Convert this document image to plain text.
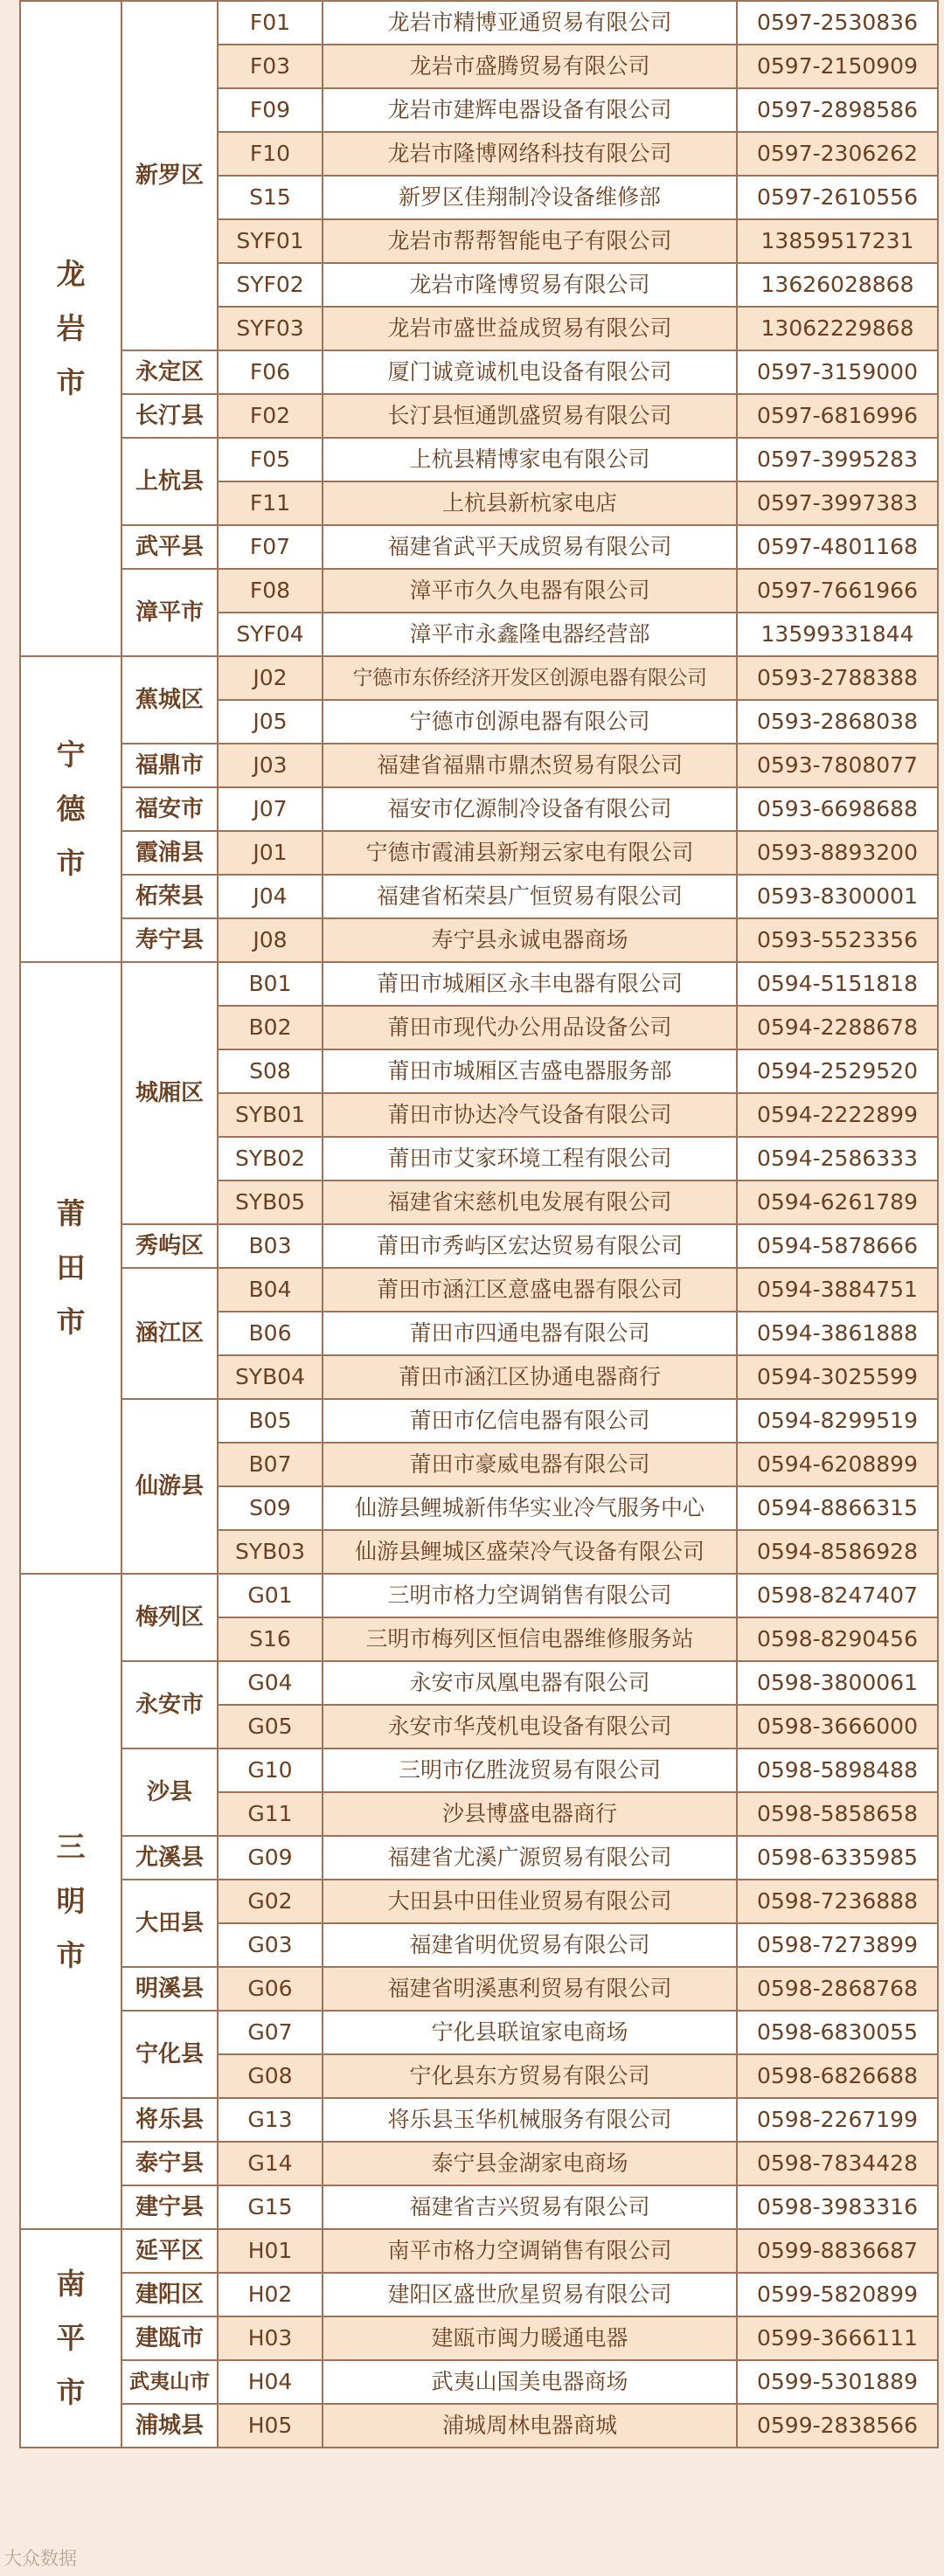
龙岩市	新罗区	F01	龙岩市精博亚通贸易有限公司	0597-2530836
		F03	龙岩市盛腾贸易有限公司	0597-2150909
		F09	龙岩市建辉电器设备有限公司	0597-2898586
		F10	龙岩市隆博网络科技有限公司	0597-2306262
		S15	新罗区佳翔制冷设备维修部	0597-2610556
		SYF01	龙岩市帮帮智能电子有限公司	13859517231
		SYF02	龙岩市隆博贸易有限公司	13626028868
		SYF03	龙岩市盛世益成贸易有限公司	13062229868
	永定区	F06	厦门诚竟诚机电设备有限公司	0597-3159000
	长汀县	F02	长汀县恒通凯盛贸易有限公司	0597-6816996
	上杭县	F05	上杭县精博家电有限公司	0597-3995283
		F11	上杭县新杭家电店	0597-3997383
	武平县	F07	福建省武平天成贸易有限公司	0597-4801168
	漳平市	F08	漳平市久久电器有限公司	0597-7661966
		SYF04	漳平市永鑫隆电器经营部	13599331844
宁德市	蕉城区	J02	宁德市东侨经济开发区创源电器有限公司	0593-2788388
		J05	宁德市创源电器有限公司	0593-2868038
	福鼎市	J03	福建省福鼎市鼎杰贸易有限公司	0593-7808077
	福安市	J07	福安市亿源制冷设备有限公司	0593-6698688
	霞浦县	J01	宁德市霞浦县新翔云家电有限公司	0593-8893200
	柘荣县	J04	福建省柘荣县广恒贸易有限公司	0593-8300001
	寿宁县	J08	寿宁县永诚电器商场	0593-5523356
莆田市	城厢区	B01	莆田市城厢区永丰电器有限公司	0594-5151818
		B02	莆田市现代办公用品设备公司	0594-2288678
		S08	莆田市城厢区吉盛电器服务部	0594-2529520
		SYB01	莆田市协达冷气设备有限公司	0594-2222899
		SYB02	莆田市艾家环境工程有限公司	0594-2586333
		SYB05	福建省宋慈机电发展有限公司	0594-6261789
	秀屿区	B03	莆田市秀屿区宏达贸易有限公司	0594-5878666
	涵江区	B04	莆田市涵江区意盛电器有限公司	0594-3884751
		B06	莆田市四通电器有限公司	0594-3861888
		SYB04	莆田市涵江区协通电器商行	0594-3025599
	仙游县	B05	莆田市亿信电器有限公司	0594-8299519
		B07	莆田市豪威电器有限公司	0594-6208899
		S09	仙游县鲤城新伟华实业冷气服务中心	0594-8866315
		SYB03	仙游县鲤城区盛荣冷气设备有限公司	0594-8586928
三明市	梅列区	G01	三明市格力空调销售有限公司	0598-8247407
		S16	三明市梅列区恒信电器维修服务站	0598-8290456
	永安市	G04	永安市凤凰电器有限公司	0598-3800061
		G05	永安市华茂机电设备有限公司	0598-3666000
	沙县	G10	三明市亿胜泷贸易有限公司	0598-5898488
		G11	沙县博盛电器商行	0598-5858658
	尤溪县	G09	福建省尤溪广源贸易有限公司	0598-6335985
	大田县	G02	大田县中田佳业贸易有限公司	0598-7236888
		G03	福建省明优贸易有限公司	0598-7273899
	明溪县	G06	福建省明溪惠利贸易有限公司	0598-2868768
	宁化县	G07	宁化县联谊家电商场	0598-6830055
		G08	宁化县东方贸易有限公司	0598-6826688
	将乐县	G13	将乐县玉华机械服务有限公司	0598-2267199
	泰宁县	G14	泰宁县金湖家电商场	0598-7834428
	建宁县	G15	福建省吉兴贸易有限公司	0598-3983316
南平市	延平区	H01	南平市格力空调销售有限公司	0599-8836687
	建阳区	H02	建阳区盛世欣星贸易有限公司	0599-5820899
	建瓯市	H03	建瓯市闽力暖通电器	0599-3666111
	武夷山市	H04	武夷山国美电器商场	0599-5301889
	浦城县	H05	浦城周林电器商城	0599-2838566
大众数据
